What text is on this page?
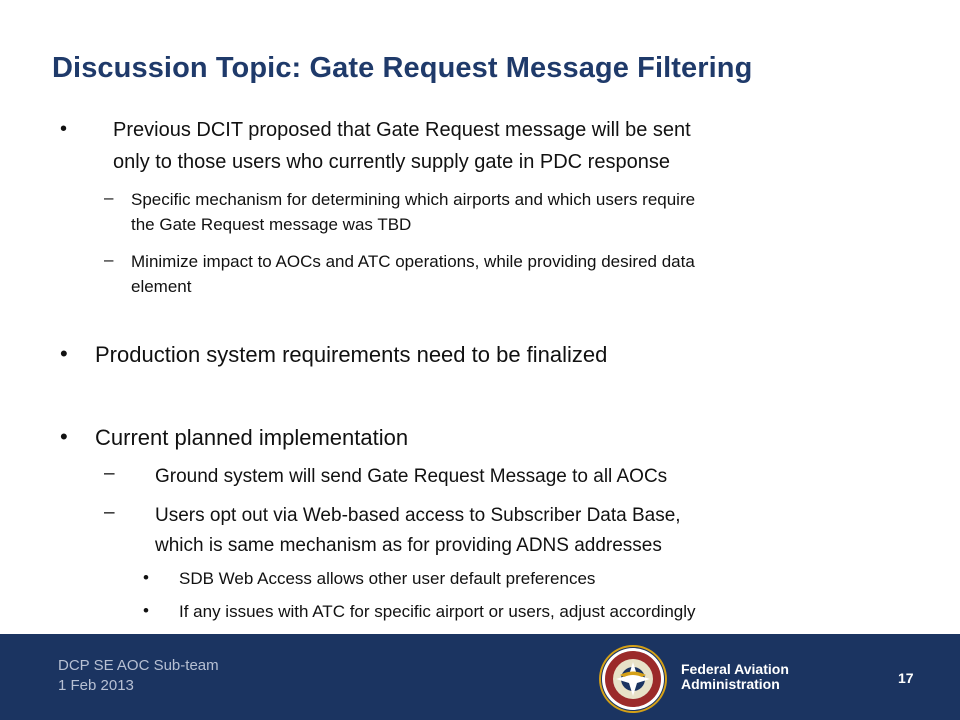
Discussion Topic: Gate Request Message Filtering
• Previous DCIT proposed that Gate Request message will be sent
only to those users who currently supply gate in PDC response
– Specific mechanism for determining which airports and which users require
the Gate Request message was TBD
– Minimize impact to AOCs and ATC operations, while providing desired data
element
• Production system requirements need to be finalized
• Current planned implementation
– Ground system will send Gate Request Message to all AOCs
– Users opt out via Web-based access to Subscriber Data Base,
which is same mechanism as for providing ADNS addresses
• SDB Web Access allows other user default preferences
• If any issues with ATC for specific airport or users, adjust accordingly
DCP SE AOC Sub-team
1 Feb 2013
Federal Aviation
Administration	17
